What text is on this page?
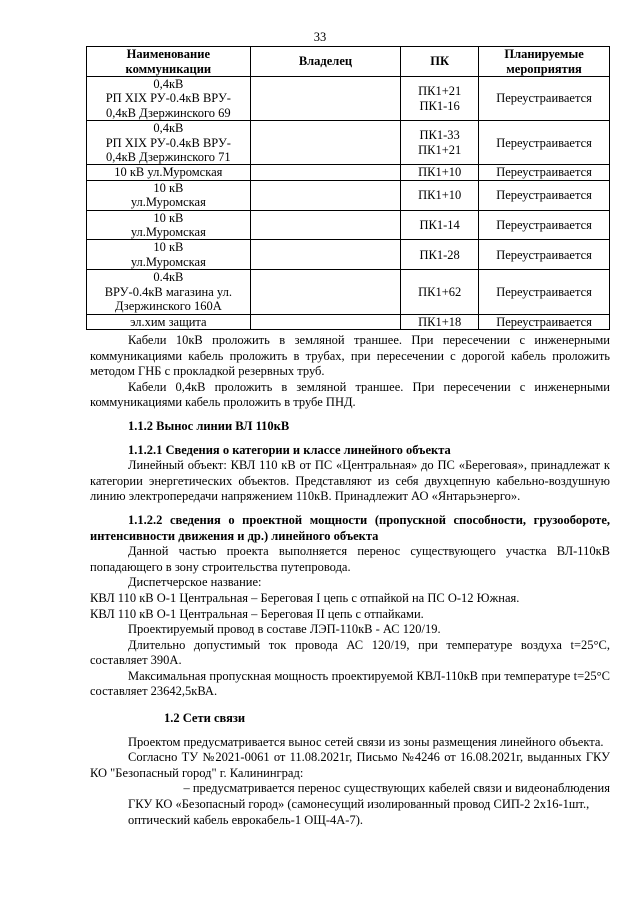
33
Наименование коммуникации	Владелец	ПК	Планируемые мероприятия

0,4кВ
РП XIX РУ-0.4кВ ВРУ-
0,4кВ Дзержинского 69		ПК1+21
ПК1-16	Переустраивается

0,4кВ
РП XIX РУ-0.4кВ ВРУ-
0,4кВ Дзержинского 71		ПК1-33
ПК1+21	Переустраивается

10 кВ ул.Муромская		ПК1+10	Переустраивается

10 кВ
ул.Муромская		ПК1+10	Переустраивается

10 кВ
ул.Муромская		ПК1-14	Переустраивается

10 кВ
ул.Муромская		ПК1-28	Переустраивается

0.4кВ
ВРУ-0.4кВ магазина ул.
Дзержинского 160А		ПК1+62	Переустраивается

эл.хим защита		ПК1+18	Переустраивается

Кабели 10кВ проложить в земляной траншее. При пересечении с инженерными коммуникациями кабель проложить в трубах, при пересечении с дорогой кабель проложить методом ГНБ с прокладкой резервных труб.

Кабели 0,4кВ проложить в земляной траншее. При пересечении с инженерными коммуникациями кабель проложить в трубе ПНД.

1.1.2 Вынос линии ВЛ 110кВ

1.1.2.1 Сведения о категории и классе линейного объекта

Линейный объект: КВЛ 110 кВ от ПС «Центральная» до ПС «Береговая», принадлежат к категории энергетических объектов. Представляют из себя двухцепную кабельно-воздушную линию электропередачи напряжением 110кВ. Принадлежит АО «Янтарьэнерго».

1.1.2.2 сведения о проектной мощности (пропускной способности, грузообороте, интенсивности движения и др.) линейного объекта

Данной частью проекта выполняется перенос существующего участка ВЛ-110кВ попадающего в зону строительства путепровода.

Диспетчерское название:

КВЛ 110 кВ О-1 Центральная – Береговая I цепь с отпайкой на ПС О-12 Южная.

КВЛ 110 кВ О-1 Центральная – Береговая II цепь с отпайками.

Проектируемый провод в составе ЛЭП-110кВ - АС 120/19.

Длительно допустимый ток провода АС 120/19, при температуре воздуха t=25°С, составляет 390А.

Максимальная пропускная мощность проектируемой КВЛ-110кВ при температуре t=25°С составляет 23642,5кВА.

1.2 Сети связи

Проектом предусматривается вынос сетей связи из зоны размещения линейного объекта.

Согласно ТУ №2021-0061 от 11.08.2021г, Письмо №4246 от 16.08.2021г, выданных ГКУ КО "Безопасный город" г. Калининград:

– предусматривается перенос существующих кабелей связи и видеонаблюдения

ГКУ КО «Безопасный город» (самонесущий изолированный провод СИП-2 2х16-1шт.,

оптический кабель еврокабель-1 ОЩ-4А-7).
